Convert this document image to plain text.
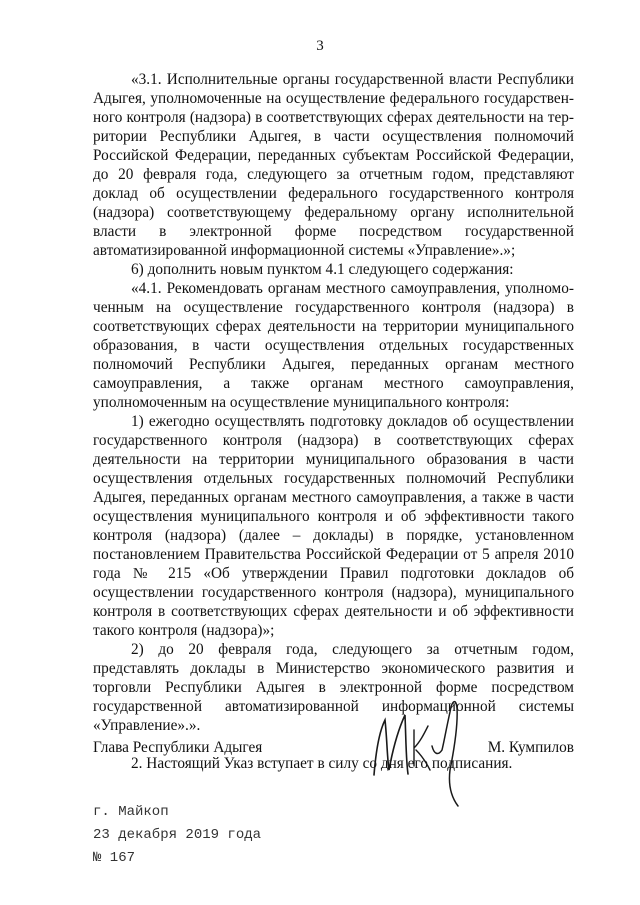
3

«3.1. Исполнительные органы государственной власти Республики Адыгея, уполномоченные на осуществление федерального государственного контроля (надзора) в соответствующих сферах деятельности на территории Республики Адыгея, в части осуществления полномочий Российской Федерации, переданных субъектам Российской Федерации, до 20 февраля года, следующего за отчетным годом, представляют доклад об осуществлении федерального государственного контроля (надзора) соответствующему федеральному органу исполнительной власти в электронной форме посредством государственной автоматизированной информационной системы «Управление».»;

6) дополнить новым пунктом 4.1 следующего содержания:

«4.1. Рекомендовать органам местного самоуправления, уполномоченным на осуществление государственного контроля (надзора) в соответствующих сферах деятельности на территории муниципального образования, в части осуществления отдельных государственных полномочий Республики Адыгея, переданных органам местного самоуправления, а также органам местного самоуправления, уполномоченным на осуществление муниципального контроля:

1) ежегодно осуществлять подготовку докладов об осуществлении государственного контроля (надзора) в соответствующих сферах деятельности на территории муниципального образования в части осуществления отдельных государственных полномочий Республики Адыгея, переданных органам местного самоуправления, а также в части осуществления муниципального контроля и об эффективности такого контроля (надзора) (далее – доклады) в порядке, установленном постановлением Правительства Российской Федерации от 5 апреля 2010 года № 215 «Об утверждении Правил подготовки докладов об осуществлении государственного контроля (надзора), муниципального контроля в соответствующих сферах деятельности и об эффективности такого контроля (надзора)»;

2) до 20 февраля года, следующего за отчетным годом, представлять доклады в Министерство экономического развития и торговли Республики Адыгея в электронной форме посредством государственной автоматизированной информационной системы «Управление».».

2. Настоящий Указ вступает в силу со дня его подписания.

Глава Республики Адыгея	М. Кумпилов
г. Майкоп
23 декабря 2019 года
№ 167
